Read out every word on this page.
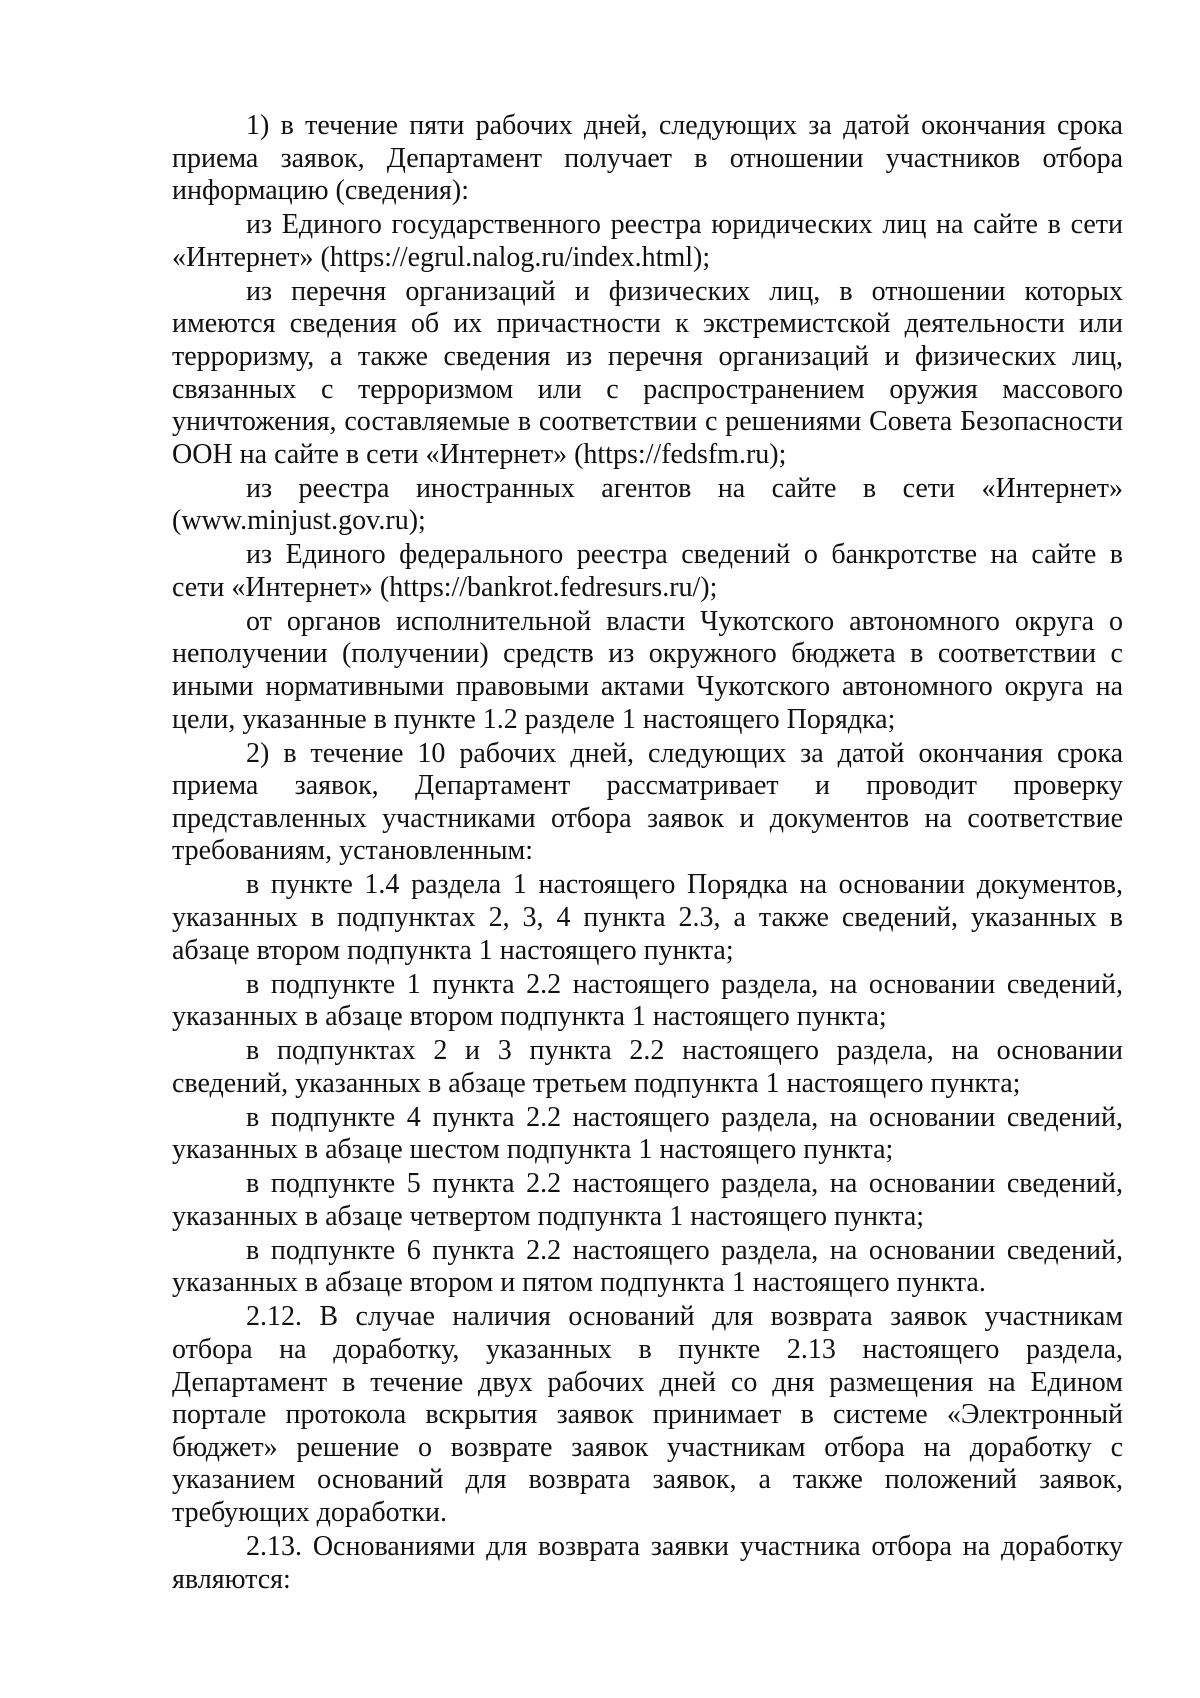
1) в течение пяти рабочих дней, следующих за датой окончания срока приема заявок, Департамент получает в отношении участников отбора информацию (сведения):

из Единого государственного реестра юридических лиц на сайте в сети «Интернет» (https://egrul.nalog.ru/index.html);

из перечня организаций и физических лиц, в отношении которых имеются сведения об их причастности к экстремистской деятельности или терроризму, а также сведения из перечня организаций и физических лиц, связанных с терроризмом или с распространением оружия массового уничтожения, составляемые в соответствии с решениями Совета Безопасности ООН на сайте в сети «Интернет» (https://fedsfm.ru);

из реестра иностранных агентов на сайте в сети «Интернет» (www.minjust.gov.ru);

из Единого федерального реестра сведений о банкротстве на сайте в сети «Интернет» (https://bankrot.fedresurs.ru/);

от органов исполнительной власти Чукотского автономного округа о неполучении (получении) средств из окружного бюджета в соответствии с иными нормативными правовыми актами Чукотского автономного округа на цели, указанные в пункте 1.2 разделе 1 настоящего Порядка;

2) в течение 10 рабочих дней, следующих за датой окончания срока приема заявок, Департамент рассматривает и проводит проверку представленных участниками отбора заявок и документов на соответствие требованиям, установленным:

в пункте 1.4 раздела 1 настоящего Порядка на основании документов, указанных в подпунктах 2, 3, 4 пункта 2.3, а также сведений, указанных в абзаце втором подпункта 1 настоящего пункта;

в подпункте 1 пункта 2.2 настоящего раздела, на основании сведений, указанных в абзаце втором подпункта 1 настоящего пункта;

в подпунктах 2 и 3 пункта 2.2 настоящего раздела, на основании сведений, указанных в абзаце третьем подпункта 1 настоящего пункта;

в подпункте 4 пункта 2.2 настоящего раздела, на основании сведений, указанных в абзаце шестом подпункта 1 настоящего пункта;

в подпункте 5 пункта 2.2 настоящего раздела, на основании сведений, указанных в абзаце четвертом подпункта 1 настоящего пункта;

в подпункте 6 пункта 2.2 настоящего раздела, на основании сведений, указанных в абзаце втором и пятом подпункта 1 настоящего пункта.

2.12. В случае наличия оснований для возврата заявок участникам отбора на доработку, указанных в пункте 2.13 настоящего раздела, Департамент в течение двух рабочих дней со дня размещения на Едином портале протокола вскрытия заявок принимает в системе «Электронный бюджет» решение о возврате заявок участникам отбора на доработку с указанием оснований для возврата заявок, а также положений заявок, требующих доработки.

2.13. Основаниями для возврата заявки участника отбора на доработку являются:
